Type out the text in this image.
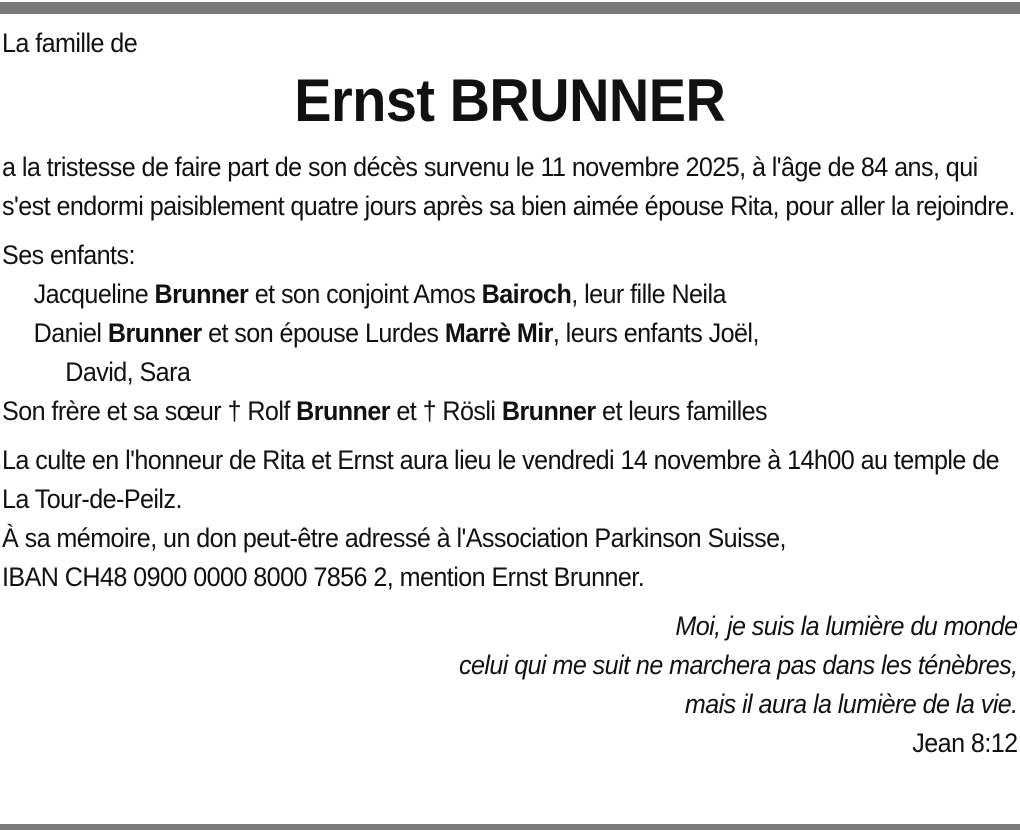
La famille de

Ernst BRUNNER

a la tristesse de faire part de son décès survenu le 11 novembre 2025, à l'âge de 84 ans, qui s'est endormi paisiblement quatre jours après sa bien aimée épouse Rita, pour aller la rejoindre.

Ses enfants:

Jacqueline Brunner et son conjoint Amos Bairoch, leur fille Neila

Daniel Brunner et son épouse Lurdes Marrè Mir, leurs enfants Joël,

David, Sara

Son frère et sa sœur † Rolf Brunner et † Rösli Brunner et leurs familles

La culte en l'honneur de Rita et Ernst aura lieu le vendredi 14 novembre à 14h00 au temple de La Tour-de-Peilz.

À sa mémoire, un don peut-être adressé à l'Association Parkinson Suisse,

IBAN CH48 0900 0000 8000 7856 2, mention Ernst Brunner.

Moi, je suis la lumière du monde

celui qui me suit ne marchera pas dans les ténèbres,

mais il aura la lumière de la vie.

Jean 8:12
